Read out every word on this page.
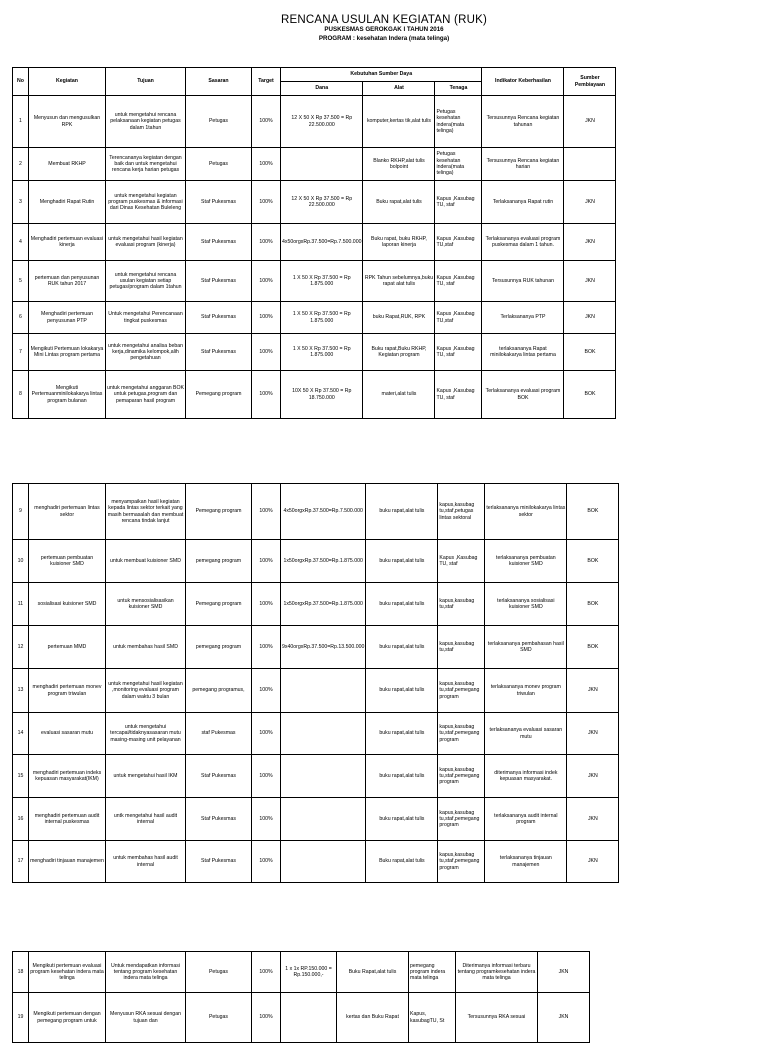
RENCANA USULAN KEGIATAN (RUK)
PUSKESMAS GEROKGAK I TAHUN 2016
PROGRAM : kesehatan Indera (mata telinga)
No	Kegiatan	Tujuan	Sasaran	Target	Kebutuhan Sumber Daya			Indikator Keberhasilan	Sumber Pembiayaan
					Dana	Alat	Tenaga		
1	Menyusun dan mengusulkan RPK	untuk mengetahui rencana pelaksanaan kegiatan petugas dalam 1tahun	Petugas	100%	12 X 50 X Rp 37.500 = Rp 22.500.000	komputer,kertas tik,alat tulis	Petugas kesehatan indera(mata telinga)	Tersusunnya Rencana kegiatan tahunan	JKN
2	Membuat RKHP	Terencananya kegiatan dengan baik dan untuk mengetahui rencana kerja harian petugas	Petugas	100%		Blanko RKHP,alat tulis bolpoint	Petugas kesehatan indera(mata telinga)	Tersusunnya Rencana kegiatan harian	
3	Menghadiri Rapat Rutin	untuk mengetahui kegiatan program puskesmas & informasi dari Dinas Kesehatan Buleleng	Staf Pukesmas	100%	12 X 50 X Rp 37.500 = Rp 22.500.000	Buku rapat,alat tulis	Kapus ,Kasubag TU, staf	Terlaksananya Rapat rutin	JKN
4	Menghadiri pertemuan evaluasi kinerja	untuk mengetahui hasil kegiatan evaluasi program (kinerja)	Staf Pukesmas	100%	4x50orgxRp.37.500=Rp.7.500.000	Buku rapat, buku RKHP, laporan kinerja	Kapus ,Kasubag TU,staf	Terlaksananya evaluasi program puskesmas dalam 1 tahun.	JKN
5	pertemuan dan penyusunan RUK tahun 2017	untuk mengetahui rencana usulan kegiatan setiap petugas/program dalam 1tahun	Staf Pukesmas	100%	1 X 50 X Rp 37.500 = Rp 1.875.000	RPK Tahun sebelumnya,buku rapat alat tulis	Kapus ,Kasubag TU, staf	Tersusunnya RUK tahunan	JKN
6	Menghadiri pertemuan penyusunan PTP	Untuk mengetahui Perencanaan tingkat puskesmas	Staf Pukesmas	100%	1 X 50 X Rp 37.500 = Rp 1.875.000	buku Rapat,RUK, RPK	Kapus ,Kasubag TU,staf	Terlaksananya PTP	JKN
7	Mengikuti Pertemuan lokakarya Mini Lintas program pertama	untuk mengetahui analisa beban kerja,dinamika kelompok,alih pengetahuan	Staf Pukesmas	100%	1 X 50 X Rp 37.500 = Rp 1.875.000	Buku rapat,Buku RKHP, Kegiatan program	Kapus ,Kasubag TU, staf	terlaksananya Rapat minilokakarya lintas pertama	BOK
8	Mengikuti Pertemuanminilokakarya lintas program bulanan	untuk mengetahui anggaran BOK untuk petugas,program dan pemaparan hasil program	Pemegang program	100%	10X 50 X Rp 37.500 = Rp 18.750.000	materi,alat tulis	Kapus ,Kasubag TU, staf	Terlaksananya evaluasi program BOK	BOK
9	menghadiri pertemuan lintas sektor	menyampaikan hasil kegiatan kepada lintas sektor terkait yang masih bermasalah dan membuat rencana tindak lanjut	Pemegang program	100%	4x50orgxRp.37.500=Rp.7.500.000	buku rapat,alat tulis	kapus,kasubag tu,staf,petugas lintas sektoral	terlaksananya minilokakarya lintas sektor	BOK
10	pertemuan pembuatan kuisioner SMD	untuk membuat kuisioner SMD	pemegang program	100%	1x50orgxRp.37.500=Rp.1.875.000	buku rapat,alat tulis	Kapus ,Kasubag TU, staf	terlaksananya pembuatan kuisioner SMD	BOK
11	sosialisasi kuisioner SMD	untuk mensosialisasikan kuisioner SMD	Pemegang program	100%	1x50orgxRp.37.500=Rp.1.875.000	buku rapat,alat tulis	kapus,kasubag tu,staf	terlaksananya sosialisasi kuisioner SMD	BOK
12	pertemuan MMD	untuk membahas hasil SMD	pemegang program	100%	9x40orgxRp.37.500=Rp.13.500.000	buku rapat,alat tulis	kapus,kasubag tu,staf	terlaksananya pembahasan hasil SMD	BOK
13	menghadiri pertemuan monev program triwulan	untuk mengetahui hasil kegiatan ,monitoring evaluasi program dalam waktu 3 bulan	pemegang programus,	100%		buku rapat,alat tulis	kapus,kasubag tu,staf,pemegang program	terlaksananya monev program triwulan	JKN
14	evaluasi sasaran mutu	untuk mengetahui tercapai/tidaknyasasaran mutu masing-masing unit pelayanan	staf Pukesmas	100%		buku rapat,alat tulis	kapus,kasubag tu,staf,pemegang program	terlaksananya evaluasi sasaran mutu	JKN
15	menghadiri pertemuan indeks kepuasan masyarakat(IKM)	untuk mengetahui hasil IKM	Staf Pukesmas	100%		buku rapat,alat tulis	kapus,kasubag tu,staf,pemegang program	diterimanya informasi indek kepuasan masyarakat.	JKN
16	menghadiri pertemuan audit internal puskesmas	untk mengetahui hasil audit internal	Staf Pukesmas	100%		buku rapat,alat tulis	kapus,kasubag tu,staf,pemegang program	terlaksananya audit internal program	JKN
17	menghadiri tinjauan manajemen	untuk membahas hasil audit internal	Staf Pukesmas	100%		Buku rapat,alat tulis	kapus,kasubag tu,staf,pemegang program	terlaksananya tinjauan manajemen	JKN
18	Mengikuti pertemuan evaluasi program kesehatan indera mata telinga	Untuk mendapatkan informasi tentang program kesehatan indera mata telinga	Petugas	100%	1 x 1x RP.150.000 = Rp.150.000,-	Buku Rapat,alat tulis	pemegang program indera mata telinga	Diterimanya informasi terbaru tentang programkesehatan indera mata telinga	JKN
19	Mengikuti pertemuan dengan pemegang program untuk	Menyusun RKA sesuai dengan tujuan dan	Petugas	100%		kertas dan Buku Rapat	Kapus, kasubagTU, St	Tersusunnya RKA sesuai	JKN
